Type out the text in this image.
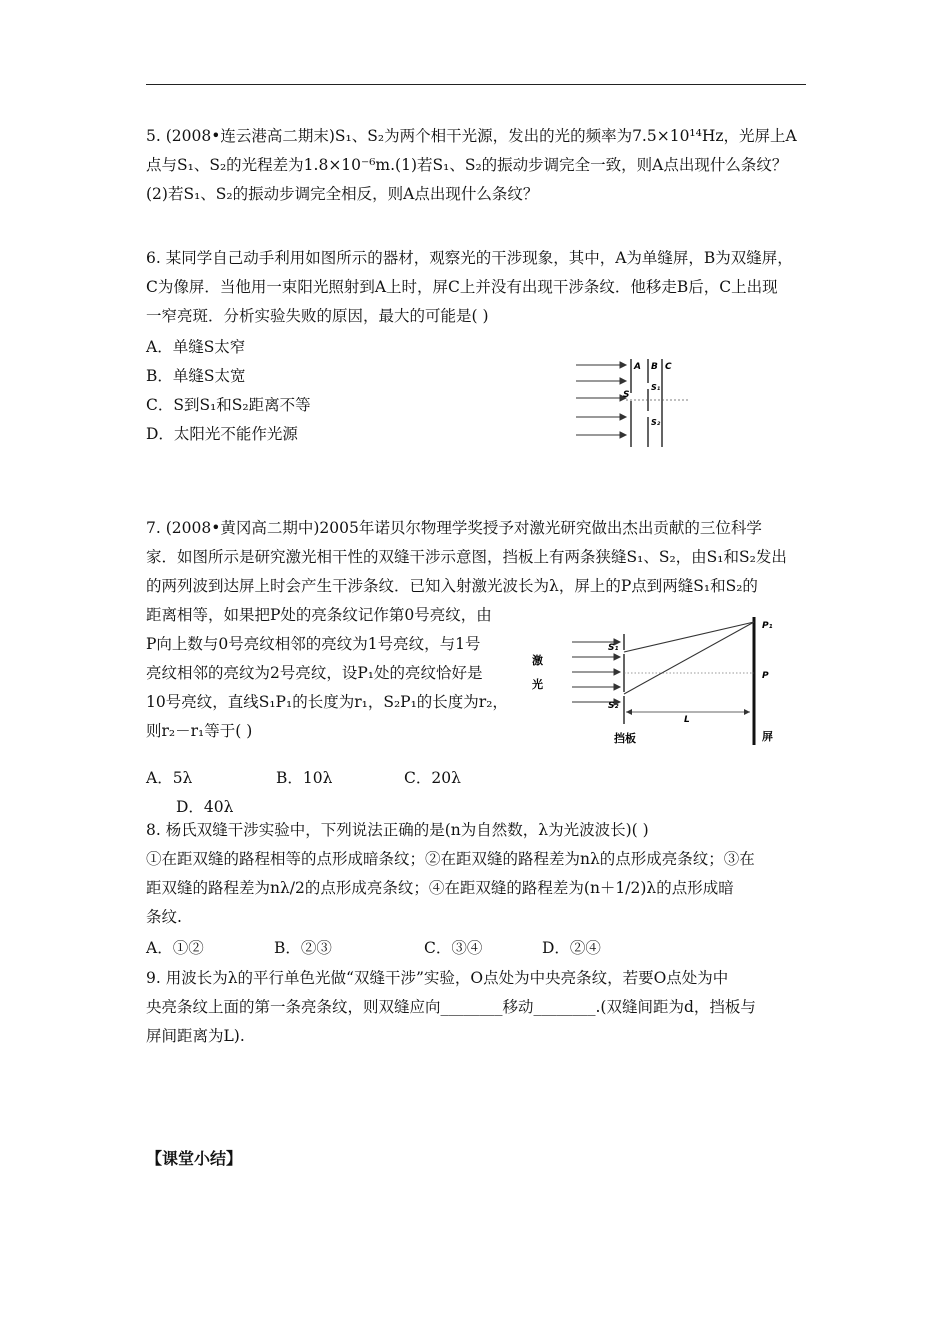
5. (2008•连云港高二期末)S₁、S₂为两个相干光源，发出的光的频率为7.5×10¹⁴Hz，光屏上A
点与S₁、S₂的光程差为1.8×10⁻⁶m.(1)若S₁、S₂的振动步调完全一致，则A点出现什么条纹？
(2)若S₁、S₂的振动步调完全相反，则A点出现什么条纹？
6. 某同学自己动手利用如图所示的器材，观察光的干涉现象，其中，A为单缝屏，B为双缝屏，
C为像屏．当他用一束阳光照射到A上时，屏C上并没有出现干涉条纹．他移走B后，C上出现
一窄亮斑．分析实验失败的原因，最大的可能是( )
A．单缝S太窄
B．单缝S太宽
C．S到S₁和S₂距离不等
D．太阳光不能作光源
A B C
S
S₁
S₂
7. (2008•黄冈高二期中)2005年诺贝尔物理学奖授予对激光研究做出杰出贡献的三位科学
家．如图所示是研究激光相干性的双缝干涉示意图，挡板上有两条狭缝S₁、S₂，由S₁和S₂发出
的两列波到达屏上时会产生干涉条纹．已知入射激光波长为λ，屏上的P点到两缝S₁和S₂的
距离相等，如果把P处的亮条纹记作第0号亮纹，由
P向上数与0号亮纹相邻的亮纹为1号亮纹，与1号
亮纹相邻的亮纹为2号亮纹，设P₁处的亮纹恰好是
10号亮纹，直线S₁P₁的长度为r₁，S₂P₁的长度为r₂，
则r₂－r₁等于( )
A．5λ	B．10λ	C．20λ
D．40λ
S₁
S₂
P₁
P
L
激
光
挡板	屏
8. 杨氏双缝干涉实验中，下列说法正确的是(n为自然数，λ为光波波长)( )
①在距双缝的路程相等的点形成暗条纹；②在距双缝的路程差为nλ的点形成亮条纹；③在
距双缝的路程差为nλ/2的点形成亮条纹；④在距双缝的路程差为(n＋1/2)λ的点形成暗
条纹.
A．①②	B．②③	C．③④	D．②④
9. 用波长为λ的平行单色光做“双缝干涉”实验，O点处为中央亮条纹，若要O点处为中
央亮条纹上面的第一条亮条纹，则双缝应向________移动________.(双缝间距为d，挡板与
屏间距离为L).
【课堂小结】
